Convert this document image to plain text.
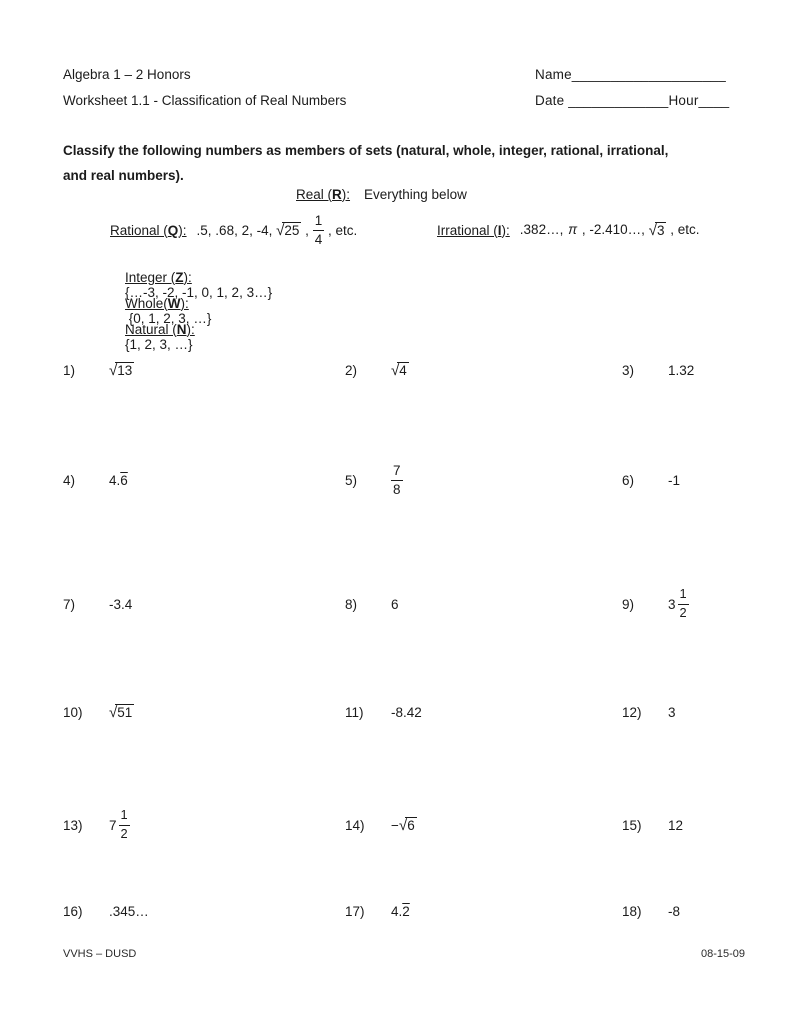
Algebra 1 – 2 Honors
Worksheet 1.1 - Classification of Real Numbers
Name____________________
Date _____________Hour____
Classify the following numbers as members of sets (natural, whole, integer, rational, irrational,
and real numbers).
Real (R): Everything below
Rational (Q): .5, .68, 2, -4, √25 , $\frac{1}{4}$ , etc.	Irrational (I): .382…, π , -2.410…, √3 , etc.

Integer (Z):
{…-3, -2, -1, 0, 1, 2, 3…}

Whole(W):
{0, 1, 2, 3, …}

Natural (N):
{1, 2, 3, …}

1)	√13	2)	√4	3)	1.32
4)	4.6	5)	$\frac{7}{8}$	6)	-1
7)	-3.4	8)	6	9)	$3 \frac{1}{2}$
10)	√51	11)	-8.42	12)	3
13)	$7 \frac{1}{2}$	14)	−√6	15)	12
16)	.345…	17)	4.2	18)	-8
VVHS – DUSD	08-15-09
